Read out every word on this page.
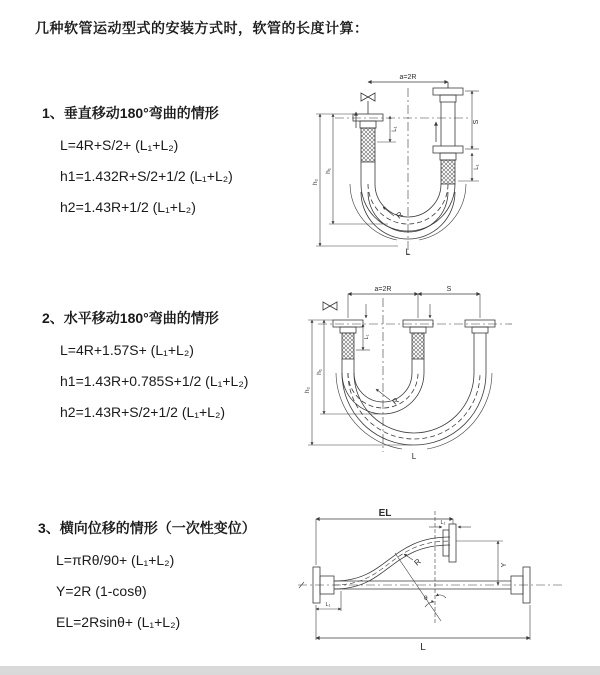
几种软管运动型式的安装方式时，软管的长度计算：
1、垂直移动180°弯曲的情形
L=4R+S/2+ (L₁+L₂)
h1=1.432R+S/2+1/2 (L₁+L₂)
h2=1.43R+1/2 (L₁+L₂)
2、水平移动180°弯曲的情形
L=4R+1.57S+ (L₁+L₂)
h1=1.43R+0.785S+1/2 (L₁+L₂)
h2=1.43R+S/2+1/2 (L₁+L₂)
3、横向位移的情形（一次性变位）
L=πRθ/90+ (L₁+L₂)
Y=2R (1-cosθ)
EL=2Rsinθ+ (L₁+L₂)
a=2R
S
L₁
L₁
h₁
h₂
R
L
a=2R	S
L₁
h₁
h₂
R
L
EL
L₁
Y
L
L₁
R
θ
